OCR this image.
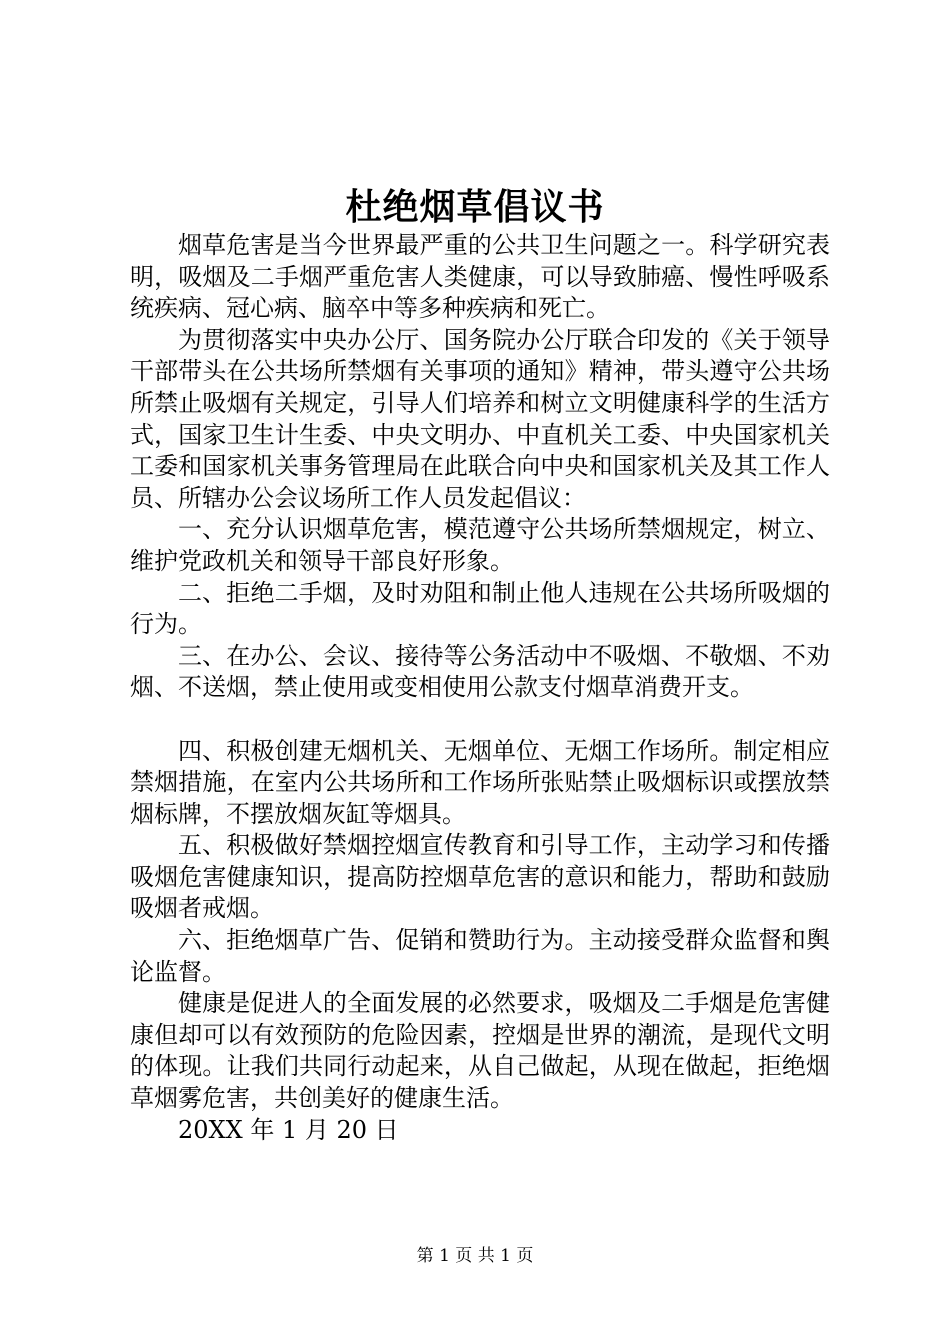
杜绝烟草倡议书

烟草危害是当今世界最严重的公共卫生问题之一。科学研究表明，吸烟及二手烟严重危害人类健康，可以导致肺癌、慢性呼吸系统疾病、冠心病、脑卒中等多种疾病和死亡。

为贯彻落实中央办公厅、国务院办公厅联合印发的《关于领导干部带头在公共场所禁烟有关事项的通知》精神，带头遵守公共场所禁止吸烟有关规定，引导人们培养和树立文明健康科学的生活方式，国家卫生计生委、中央文明办、中直机关工委、中央国家机关工委和国家机关事务管理局在此联合向中央和国家机关及其工作人员、所辖办公会议场所工作人员发起倡议：

一、充分认识烟草危害，模范遵守公共场所禁烟规定，树立、维护党政机关和领导干部良好形象。

二、拒绝二手烟，及时劝阻和制止他人违规在公共场所吸烟的行为。

三、在办公、会议、接待等公务活动中不吸烟、不敬烟、不劝烟、不送烟，禁止使用或变相使用公款支付烟草消费开支。

四、积极创建无烟机关、无烟单位、无烟工作场所。制定相应禁烟措施，在室内公共场所和工作场所张贴禁止吸烟标识或摆放禁烟标牌，不摆放烟灰缸等烟具。

五、积极做好禁烟控烟宣传教育和引导工作，主动学习和传播吸烟危害健康知识，提高防控烟草危害的意识和能力，帮助和鼓励吸烟者戒烟。

六、拒绝烟草广告、促销和赞助行为。主动接受群众监督和舆论监督。

健康是促进人的全面发展的必然要求，吸烟及二手烟是危害健康但却可以有效预防的危险因素，控烟是世界的潮流，是现代文明的体现。让我们共同行动起来，从自己做起，从现在做起，拒绝烟草烟雾危害，共创美好的健康生活。

20XX 年 1 月 20 日

第 1 页 共 1 页
